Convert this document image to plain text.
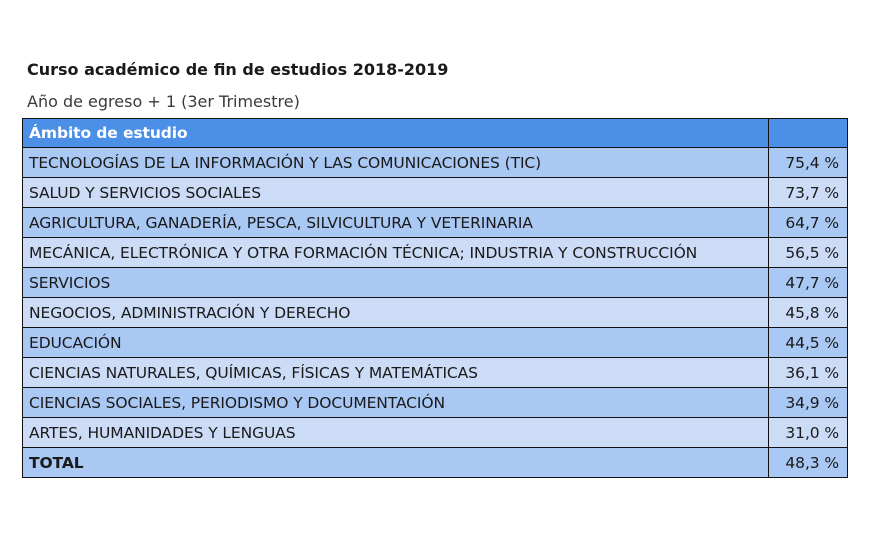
Curso académico de fin de estudios 2018-2019
Año de egreso + 1 (3er Trimestre)
Ámbito de estudio	
TECNOLOGÍAS DE LA INFORMACIÓN Y LAS COMUNICACIONES (TIC)	75,4 %
SALUD Y SERVICIOS SOCIALES	73,7 %
AGRICULTURA, GANADERÍA, PESCA, SILVICULTURA Y VETERINARIA	64,7 %
MECÁNICA, ELECTRÓNICA Y OTRA FORMACIÓN TÉCNICA; INDUSTRIA Y CONSTRUCCIÓN	56,5 %
SERVICIOS	47,7 %
NEGOCIOS, ADMINISTRACIÓN Y DERECHO	45,8 %
EDUCACIÓN	44,5 %
CIENCIAS NATURALES, QUÍMICAS, FÍSICAS Y MATEMÁTICAS	36,1 %
CIENCIAS SOCIALES, PERIODISMO Y DOCUMENTACIÓN	34,9 %
ARTES, HUMANIDADES Y LENGUAS	31,0 %
TOTAL	48,3 %
